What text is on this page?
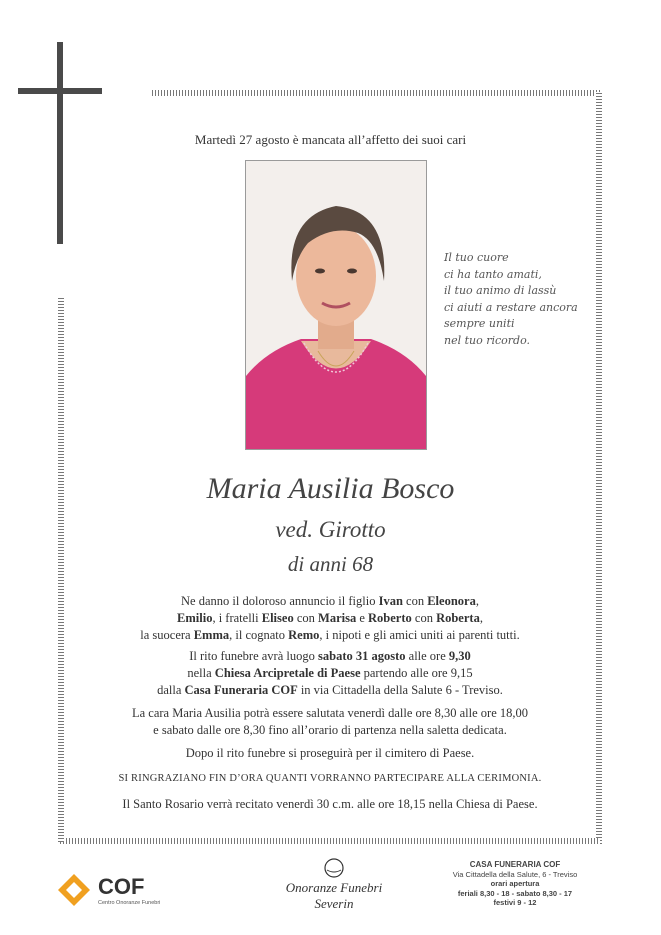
Martedì 27 agosto è mancata all’affetto dei suoi cari
Il tuo cuore
ci ha tanto amati,
il tuo animo di lassù
ci aiuti a restare ancora
sempre uniti
nel tuo ricordo.
Maria Ausilia Bosco
ved. Girotto
di anni 68
Ne danno il doloroso annuncio il figlio Ivan con Eleonora,
Emilio, i fratelli Eliseo con Marisa e Roberto con Roberta,
la suocera Emma, il cognato Remo, i nipoti e gli amici uniti ai parenti tutti.
Il rito funebre avrà luogo sabato 31 agosto alle ore 9,30
nella Chiesa Arcipretale di Paese partendo alle ore 9,15
dalla Casa Funeraria COF in via Cittadella della Salute 6 - Treviso.
La cara Maria Ausilia potrà essere salutata venerdì dalle ore 8,30 alle ore 18,00
e sabato dalle ore 8,30 fino all’orario di partenza nella saletta dedicata.
Dopo il rito funebre si proseguirà per il cimitero di Paese.
SI RINGRAZIANO FIN D’ORA QUANTI VORRANNO PARTECIPARE ALLA CERIMONIA.
Il Santo Rosario verrà recitato venerdì 30 c.m. alle ore 18,15 nella Chiesa di Paese.
COF
Centro Onoranze Funebri
Onoranze Funebri
Severin
CASA FUNERARIA COF
Via Cittadella della Salute, 6 - Treviso
orari apertura
feriali 8,30 - 18 - sabato 8,30 - 17
festivi 9 - 12
